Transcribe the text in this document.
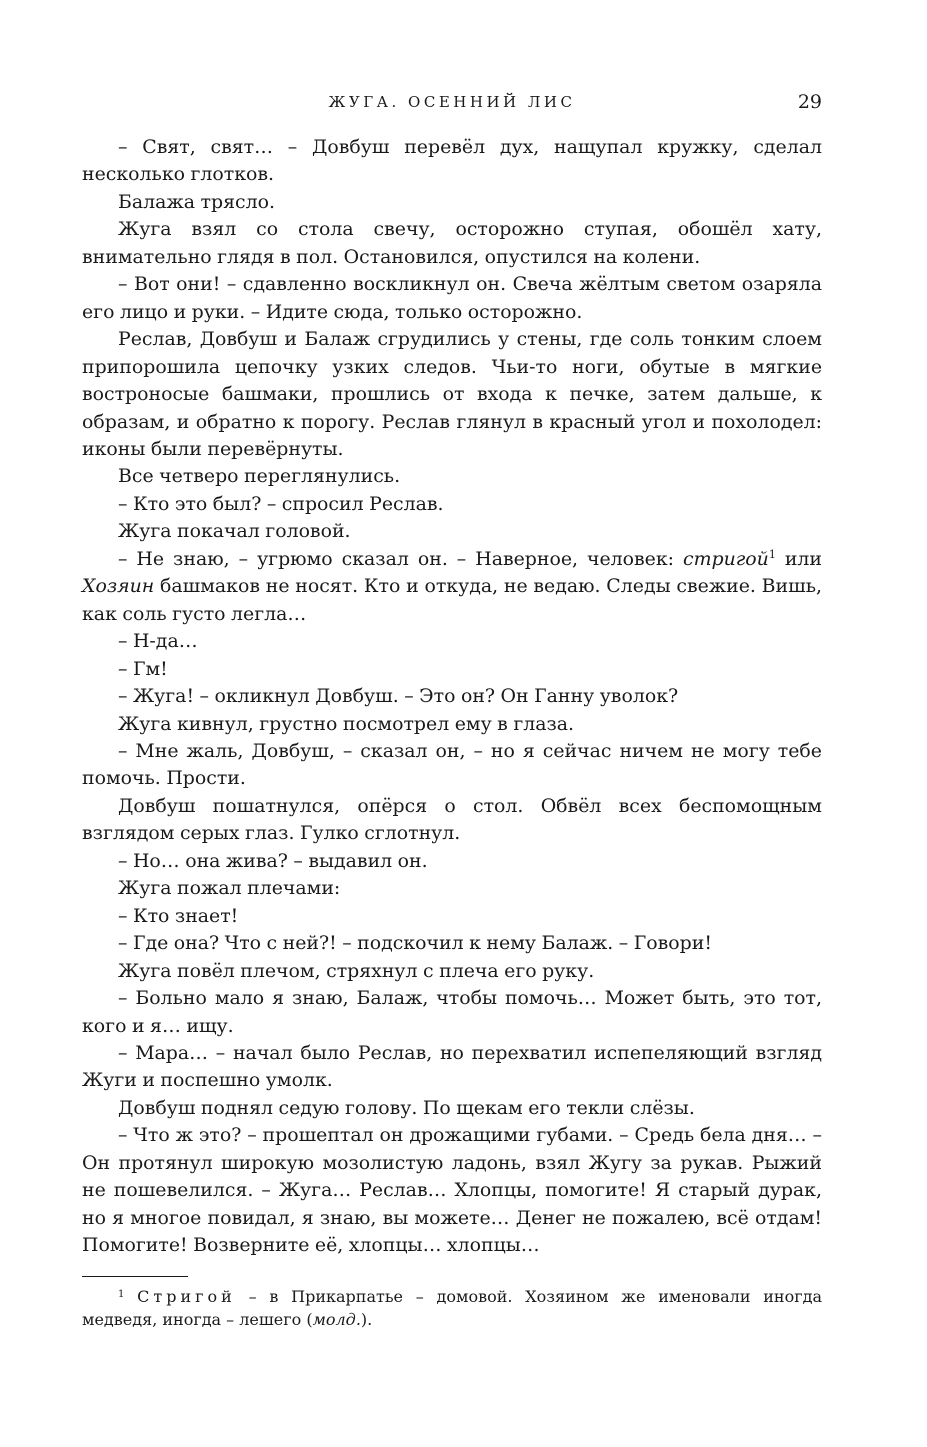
ЖУГА. ОСЕННИЙ ЛИС	29

– Свят, свят… – Довбуш перевёл дух, нащупал кружку, сделал несколько глотков.

Балажа трясло.

Жуга взял со стола свечу, осторожно ступая, обошёл хату, внимательно глядя в пол. Остановился, опустился на колени.

– Вот они! – сдавленно воскликнул он. Свеча жёлтым светом озаряла его лицо и руки. – Идите сюда, только осторожно.

Реслав, Довбуш и Балаж сгрудились у стены, где соль тонким слоем припорошила цепочку узких следов. Чьи-то ноги, обутые в мягкие востроносые башмаки, прошлись от входа к печке, затем дальше, к образам, и обратно к порогу. Реслав глянул в красный угол и похолодел: иконы были перевёрнуты.

Все четверо переглянулись.

– Кто это был? – спросил Реслав.

Жуга покачал головой.

– Не знаю, – угрюмо сказал он. – Наверное, человек: стригой$^1$ или Хозяин башмаков не носят. Кто и откуда, не ведаю. Следы свежие. Вишь, как соль густо легла…

– Н-да…

– Гм!

– Жуга! – окликнул Довбуш. – Это он? Он Ганну уволок?

Жуга кивнул, грустно посмотрел ему в глаза.

– Мне жаль, Довбуш, – сказал он, – но я сейчас ничем не могу тебе помочь. Прости.

Довбуш пошатнулся, опёрся о стол. Обвёл всех беспомощным взглядом серых глаз. Гулко сглотнул.

– Но… она жива? – выдавил он.

Жуга пожал плечами:

– Кто знает!

– Где она? Что с ней?! – подскочил к нему Балаж. – Говори!

Жуга повёл плечом, стряхнул с плеча его руку.

– Больно мало я знаю, Балаж, чтобы помочь… Может быть, это тот, кого и я… ищу.

– Мара… – начал было Реслав, но перехватил испепеляющий взгляд Жуги и поспешно умолк.

Довбуш поднял седую голову. По щекам его текли слёзы.

– Что ж это? – прошептал он дрожащими губами. – Средь бела дня… – Он протянул широкую мозолистую ладонь, взял Жугу за рукав. Рыжий не пошевелился. – Жуга… Реслав… Хлопцы, помогите! Я старый дурак, но я многое повидал, я знаю, вы можете… Денег не пожалею, всё отдам! Помогите! Возверните её, хлопцы… хлопцы…

$^1$ Стригой – в Прикарпатье – домовой. Хозяином же именовали иногда медведя, иногда – лешего (молд.).
